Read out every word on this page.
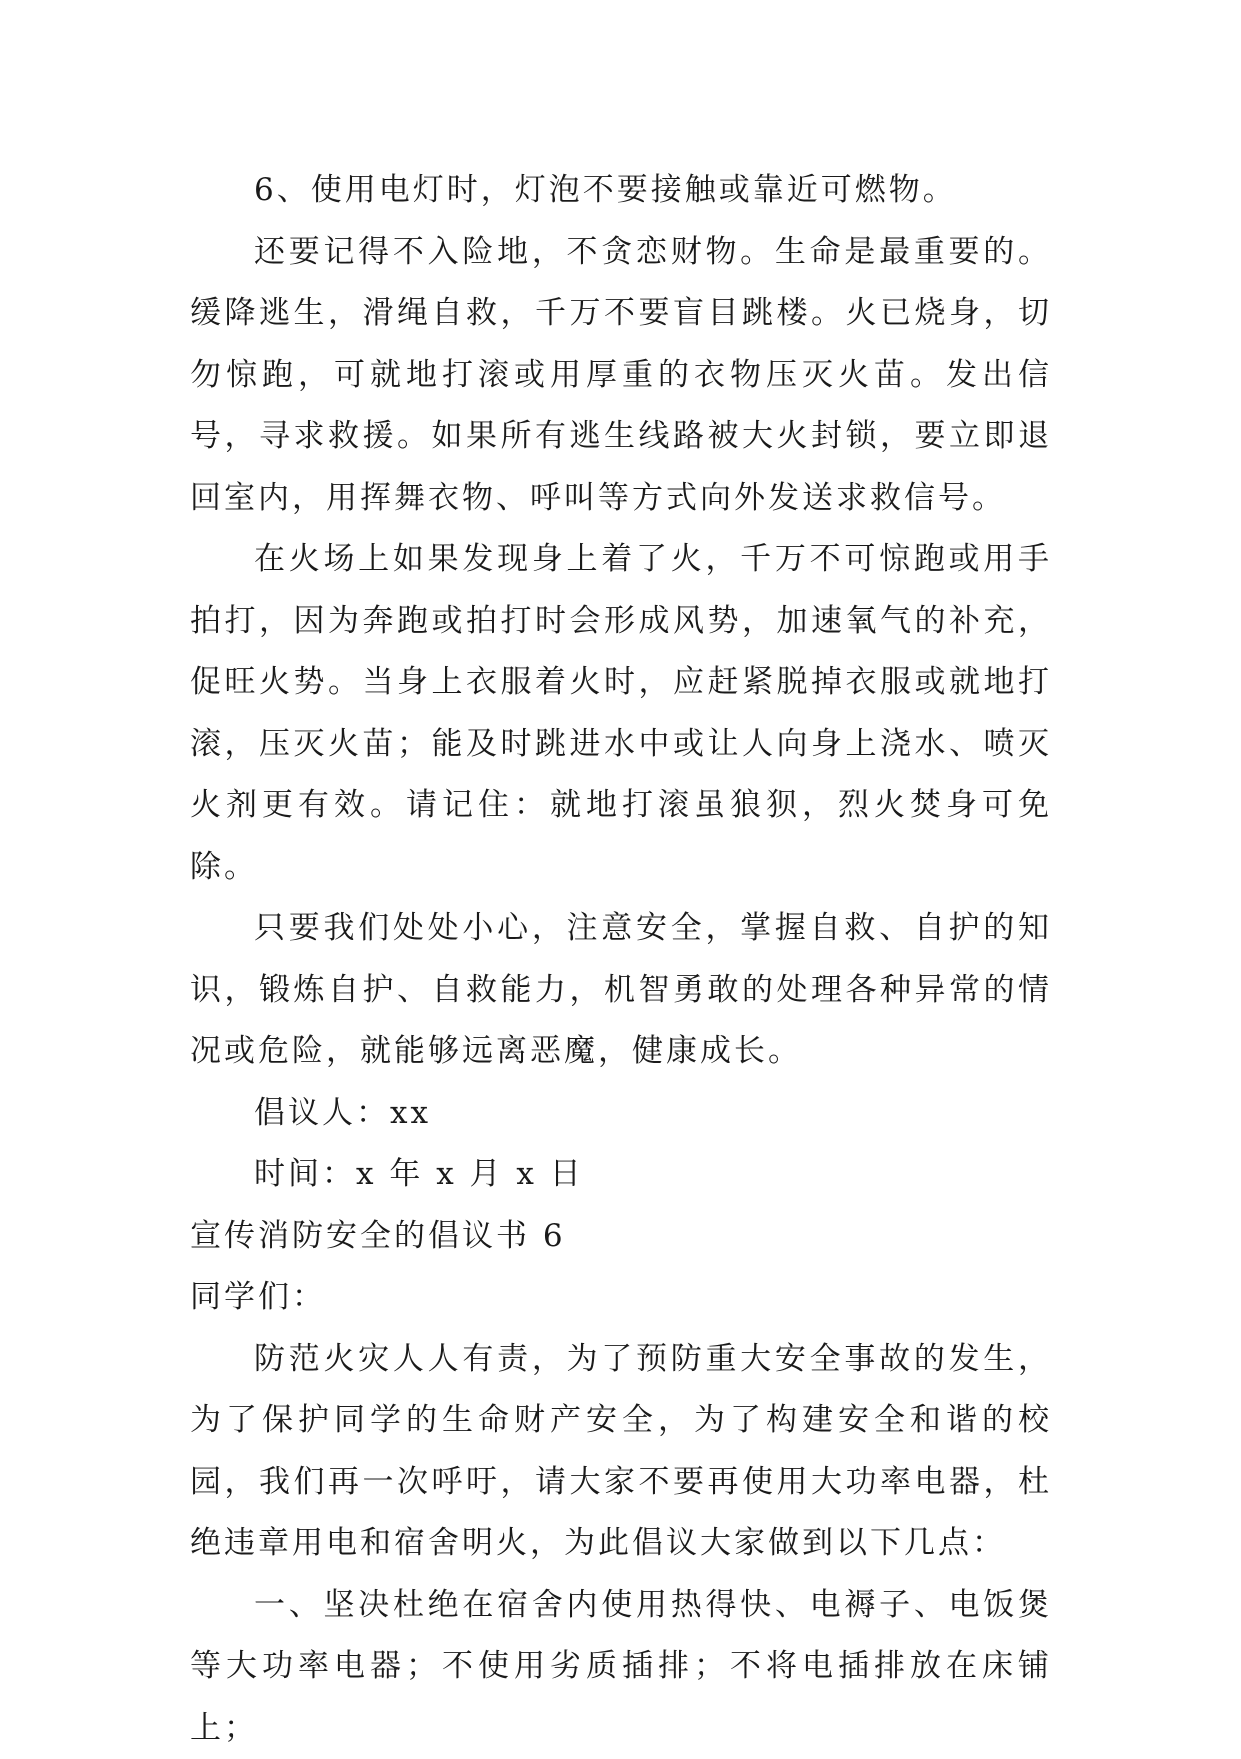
6、使用电灯时，灯泡不要接触或靠近可燃物。

还要记得不入险地，不贪恋财物。生命是最重要的。缓降逃生，滑绳自救，千万不要盲目跳楼。火已烧身，切勿惊跑，可就地打滚或用厚重的衣物压灭火苗。发出信号，寻求救援。如果所有逃生线路被大火封锁，要立即退回室内，用挥舞衣物、呼叫等方式向外发送求救信号。

在火场上如果发现身上着了火，千万不可惊跑或用手拍打，因为奔跑或拍打时会形成风势，加速氧气的补充，促旺火势。当身上衣服着火时，应赶紧脱掉衣服或就地打滚，压灭火苗；能及时跳进水中或让人向身上浇水、喷灭火剂更有效。请记住：就地打滚虽狼狈，烈火焚身可免除。

只要我们处处小心，注意安全，掌握自救、自护的知识，锻炼自护、自救能力，机智勇敢的处理各种异常的情况或危险，就能够远离恶魔，健康成长。

倡议人：xx

时间：x 年 x 月 x 日

宣传消防安全的倡议书 6

同学们：

防范火灾人人有责，为了预防重大安全事故的发生，为了保护同学的生命财产安全，为了构建安全和谐的校园，我们再一次呼吁，请大家不要再使用大功率电器，杜绝违章用电和宿舍明火，为此倡议大家做到以下几点：

一、坚决杜绝在宿舍内使用热得快、电褥子、电饭煲等大功率电器；不使用劣质插排；不将电插排放在床铺上；
